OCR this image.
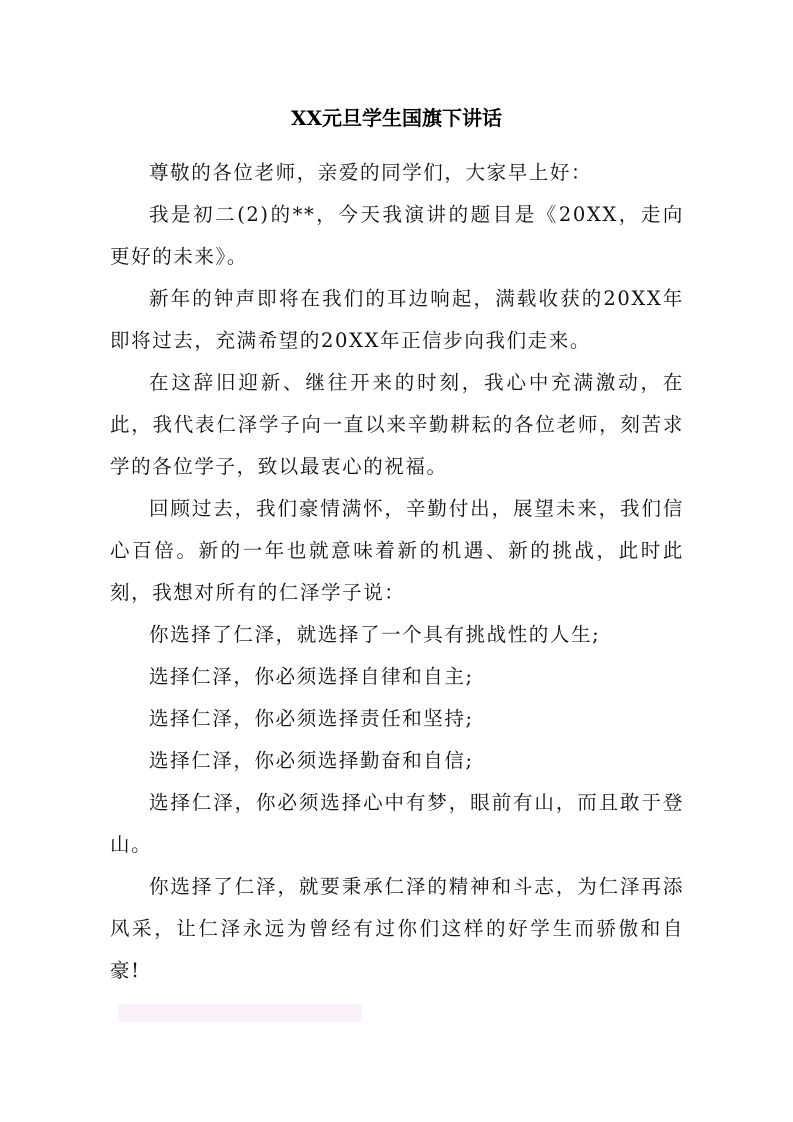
XX元旦学生国旗下讲话

尊敬的各位老师，亲爱的同学们，大家早上好：

我是初二(2)的**，今天我演讲的题目是《20XX，走向更好的未来》。

新年的钟声即将在我们的耳边响起，满载收获的20XX年即将过去，充满希望的20XX年正信步向我们走来。

在这辞旧迎新、继往开来的时刻，我心中充满激动，在此，我代表仁泽学子向一直以来辛勤耕耘的各位老师，刻苦求学的各位学子，致以最衷心的祝福。

回顾过去，我们豪情满怀，辛勤付出，展望未来，我们信心百倍。新的一年也就意味着新的机遇、新的挑战，此时此刻，我想对所有的仁泽学子说：

你选择了仁泽，就选择了一个具有挑战性的人生;

选择仁泽，你必须选择自律和自主;

选择仁泽，你必须选择责任和坚持;

选择仁泽，你必须选择勤奋和自信;

选择仁泽，你必须选择心中有梦，眼前有山，而且敢于登山。

你选择了仁泽，就要秉承仁泽的精神和斗志，为仁泽再添风采，让仁泽永远为曾经有过你们这样的好学生而骄傲和自豪!
